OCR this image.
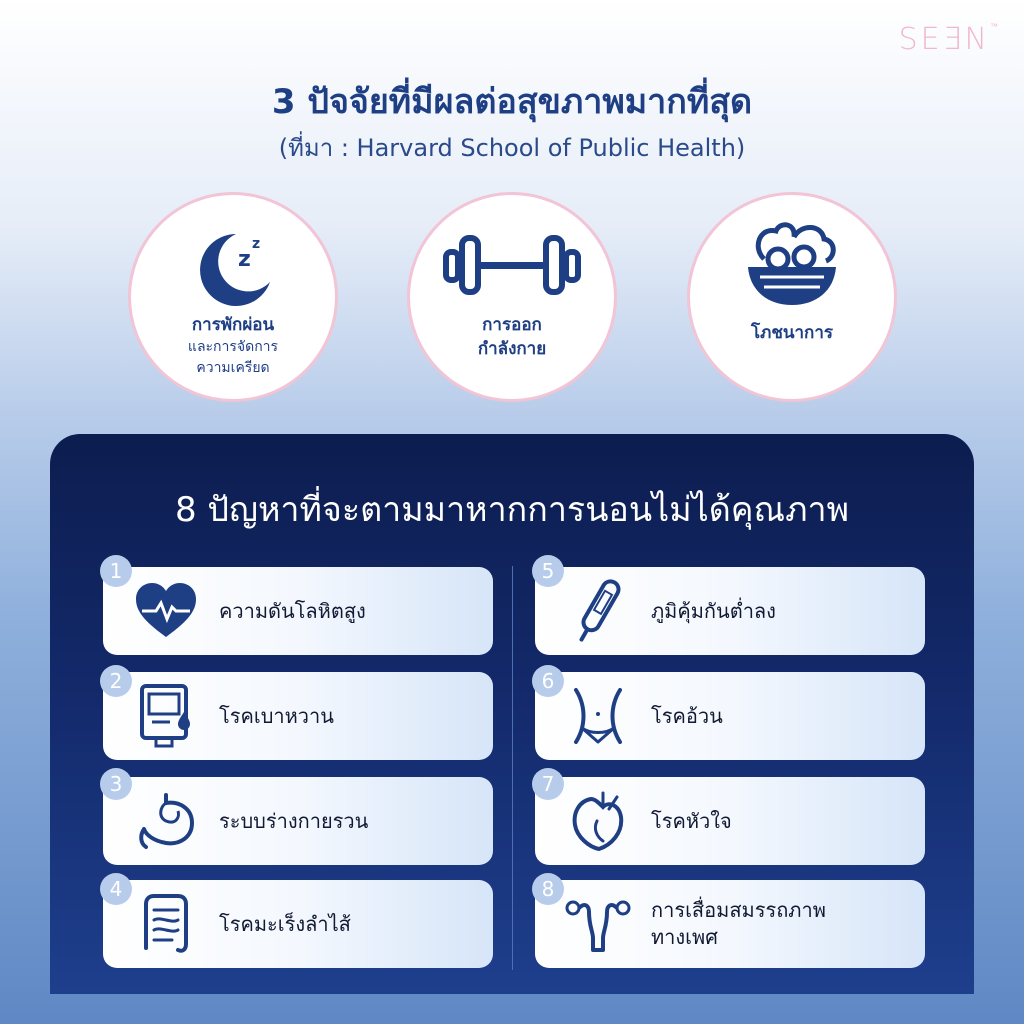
SEƎN™
3 ปัจจัยที่มีผลต่อสุขภาพมากที่สุด
(ที่มา : Harvard School of Public Health)
z
z
การพักผ่อน
และการจัดการ
ความเครียด
การออก
กำลังกาย
โภชนาการ
8 ปัญหาที่จะตามมาหากการนอนไม่ได้คุณภาพ
ความดันโลหิตสูง
1
โรคเบาหวาน
2
ระบบร่างกายรวน
3
โรคมะเร็งลำไส้
4
ภูมิคุ้มกันต่ำลง
5
โรคอ้วน
6
โรคหัวใจ
7
การเสื่อมสมรรถภาพ
ทางเพศ
8
